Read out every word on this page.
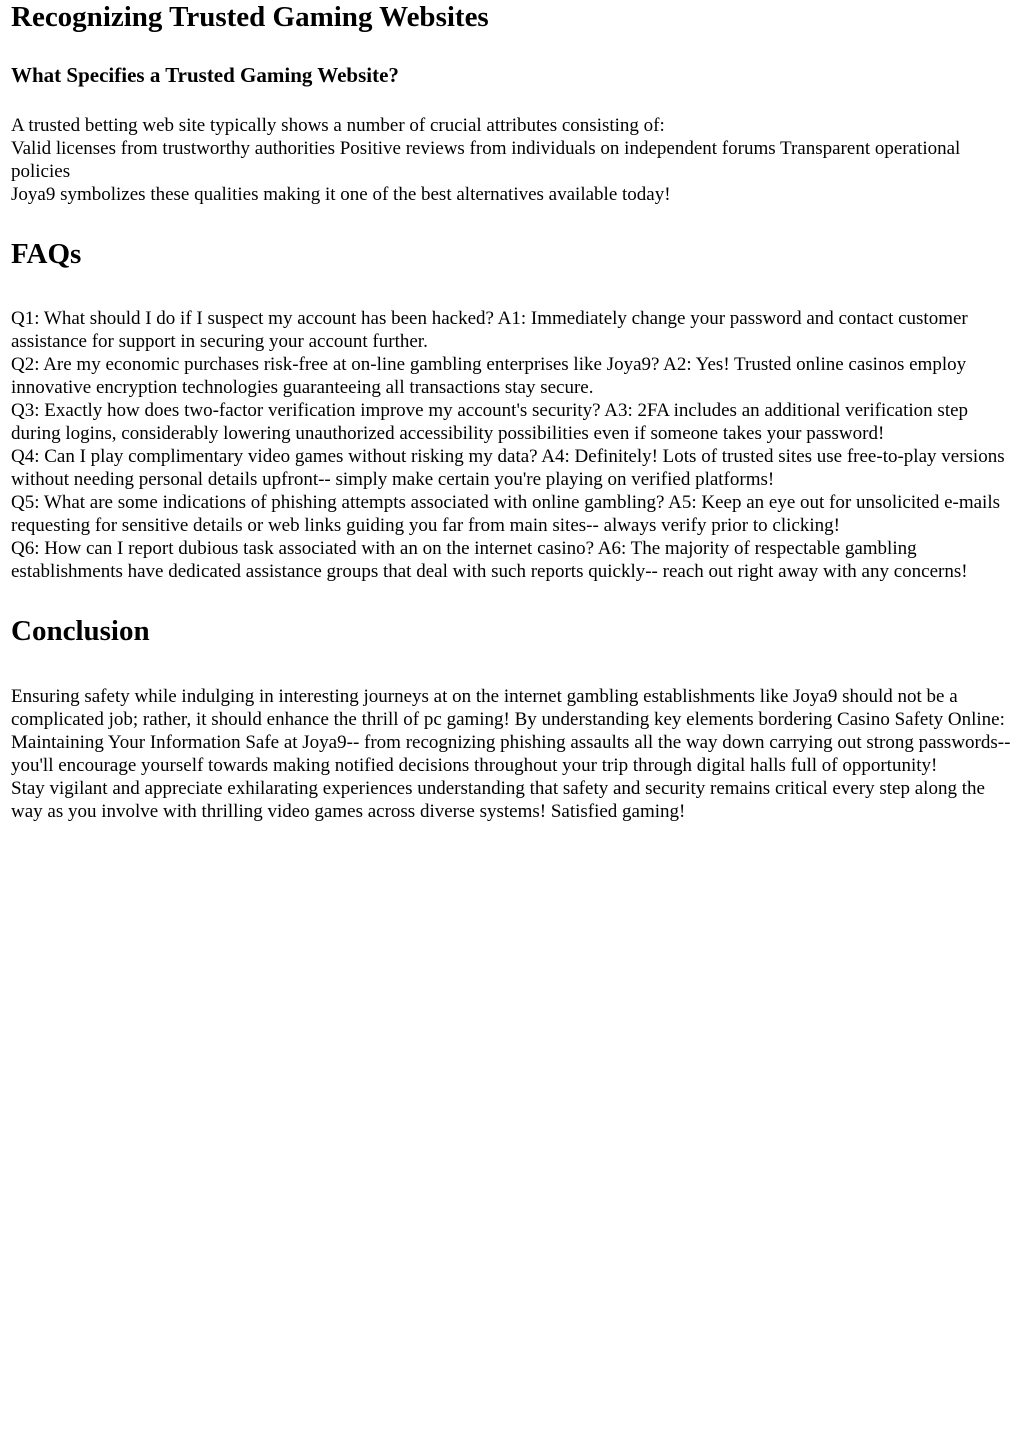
Recognizing Trusted Gaming Websites
What Specifies a Trusted Gaming Website?

A trusted betting web site typically shows a number of crucial attributes consisting of:

Valid licenses from trustworthy authorities Positive reviews from individuals on independent forums Transparent operational policies

Joya9 symbolizes these qualities making it one of the best alternatives available today!

FAQs

Q1: What should I do if I suspect my account has been hacked? A1: Immediately change your password and contact customer assistance for support in securing your account further.

Q2: Are my economic purchases risk-free at on-line gambling enterprises like Joya9? A2: Yes! Trusted online casinos employ innovative encryption technologies guaranteeing all transactions stay secure.

Q3: Exactly how does two-factor verification improve my account's security? A3: 2FA includes an additional verification step during logins, considerably lowering unauthorized accessibility possibilities even if someone takes your password!

Q4: Can I play complimentary video games without risking my data? A4: Definitely! Lots of trusted sites use free-to-play versions without needing personal details upfront-- simply make certain you're playing on verified platforms!

Q5: What are some indications of phishing attempts associated with online gambling? A5: Keep an eye out for unsolicited e-mails requesting for sensitive details or web links guiding you far from main sites-- always verify prior to clicking!

Q6: How can I report dubious task associated with an on the internet casino? A6: The majority of respectable gambling establishments have dedicated assistance groups that deal with such reports quickly-- reach out right away with any concerns!

Conclusion

Ensuring safety while indulging in interesting journeys at on the internet gambling establishments like Joya9 should not be a complicated job; rather, it should enhance the thrill of pc gaming! By understanding key elements bordering Casino Safety Online: Maintaining Your Information Safe at Joya9-- from recognizing phishing assaults all the way down carrying out strong passwords-- you'll encourage yourself towards making notified decisions throughout your trip through digital halls full of opportunity!

Stay vigilant and appreciate exhilarating experiences understanding that safety and security remains critical every step along the way as you involve with thrilling video games across diverse systems! Satisfied gaming!
